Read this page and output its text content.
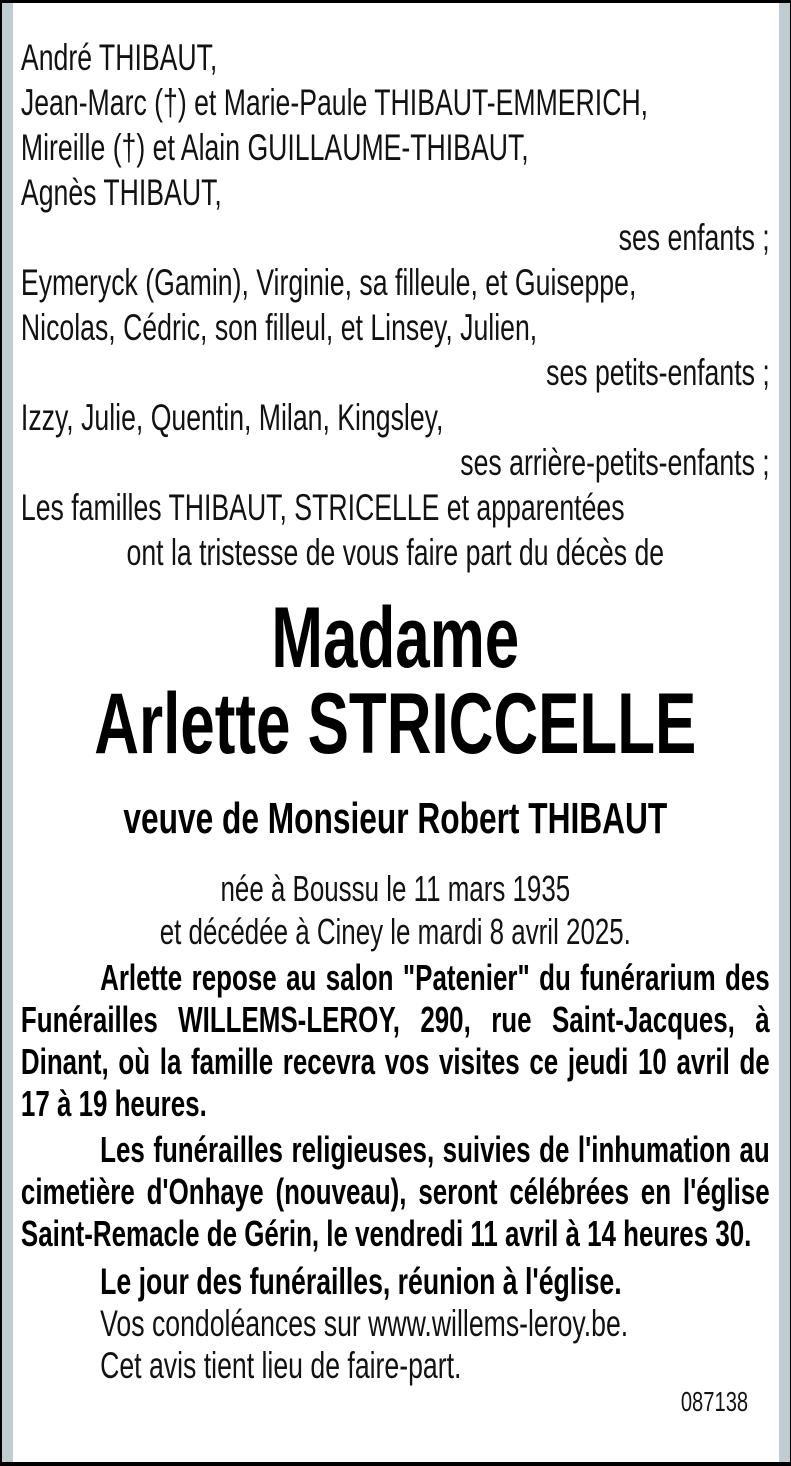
André THIBAUT,
Jean-Marc (†) et Marie-Paule THIBAUT-EMMERICH,
Mireille (†) et Alain GUILLAUME-THIBAUT,
Agnès THIBAUT,
ses enfants ;
Eymeryck (Gamin), Virginie, sa filleule, et Guiseppe,
Nicolas, Cédric, son filleul, et Linsey, Julien,
ses petits-enfants ;
Izzy, Julie, Quentin, Milan, Kingsley,
ses arrière-petits-enfants ;
Les familles THIBAUT, STRICELLE et apparentées
ont la tristesse de vous faire part du décès de
Madame
Arlette STRICCELLE
veuve de Monsieur Robert THIBAUT
née à Boussu le 11 mars 1935
et décédée à Ciney le mardi 8 avril 2025.

Arlette repose au salon "Patenier" du funérarium des Funérailles WILLEMS-LEROY, 290, rue Saint-Jacques, à Dinant, où la famille recevra vos visites ce jeudi 10 avril de 17 à 19 heures.

Les funérailles religieuses, suivies de l'inhumation au cimetière d'Onhaye (nouveau), seront célébrées en l'église Saint-Remacle de Gérin, le vendredi 11 avril à 14 heures 30.

Le jour des funérailles, réunion à l'église.

Vos condoléances sur www.willems-leroy.be.

Cet avis tient lieu de faire-part.

087138
